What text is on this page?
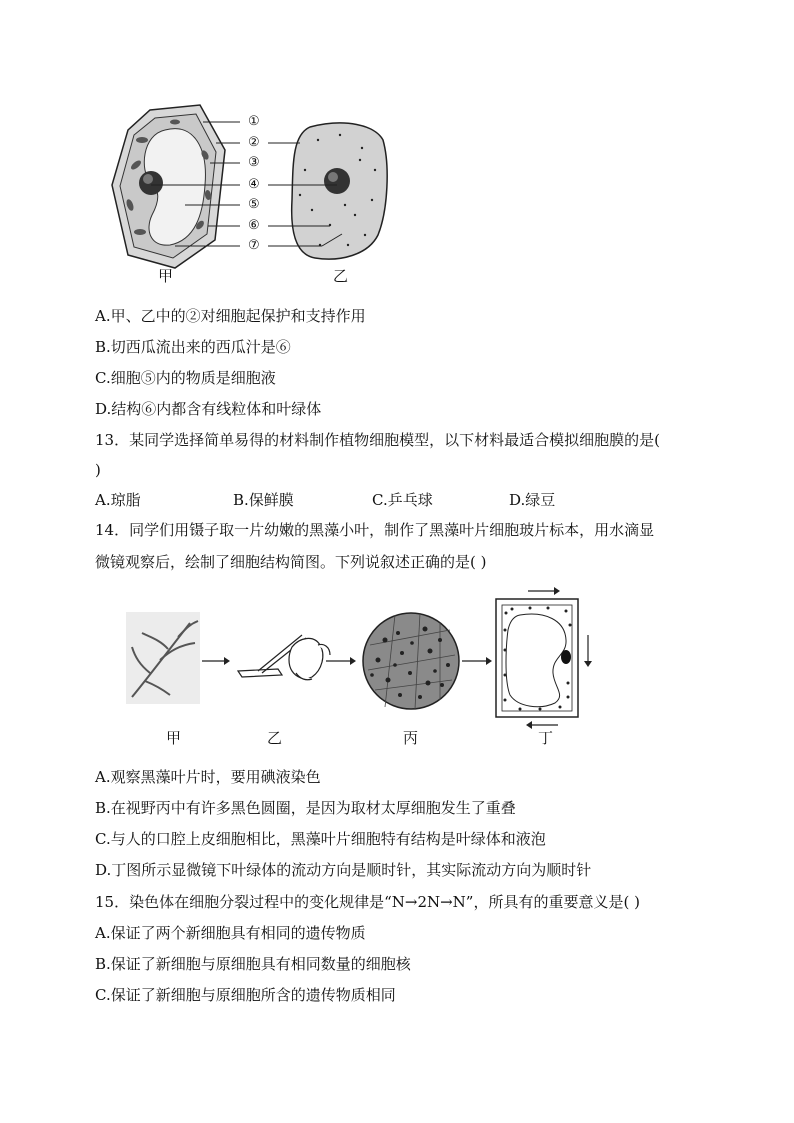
①
②
③
④
⑤
⑥
⑦
甲	乙
A.甲、乙中的②对细胞起保护和支持作用
B.切西瓜流出来的西瓜汁是⑥
C.细胞⑤内的物质是细胞液
D.结构⑥内都含有线粒体和叶绿体
13．某同学选择简单易得的材料制作植物细胞模型，以下材料最适合模拟细胞膜的是(
)
A.琼脂	B.保鲜膜	C.乒乓球	D.绿豆
14．同学们用镊子取一片幼嫩的黑藻小叶，制作了黑藻叶片细胞玻片标本，用水滴显
微镜观察后，绘制了细胞结构简图。下列说叙述正确的是( )
甲	乙	丙	丁
A.观察黑藻叶片时，要用碘液染色
B.在视野丙中有许多黑色圆圈，是因为取材太厚细胞发生了重叠
C.与人的口腔上皮细胞相比，黑藻叶片细胞特有结构是叶绿体和液泡
D.丁图所示显微镜下叶绿体的流动方向是顺时针，其实际流动方向为顺时针
15．染色体在细胞分裂过程中的变化规律是“N→2N→N”，所具有的重要意义是( )
A.保证了两个新细胞具有相同的遗传物质
B.保证了新细胞与原细胞具有相同数量的细胞核
C.保证了新细胞与原细胞所含的遗传物质相同
